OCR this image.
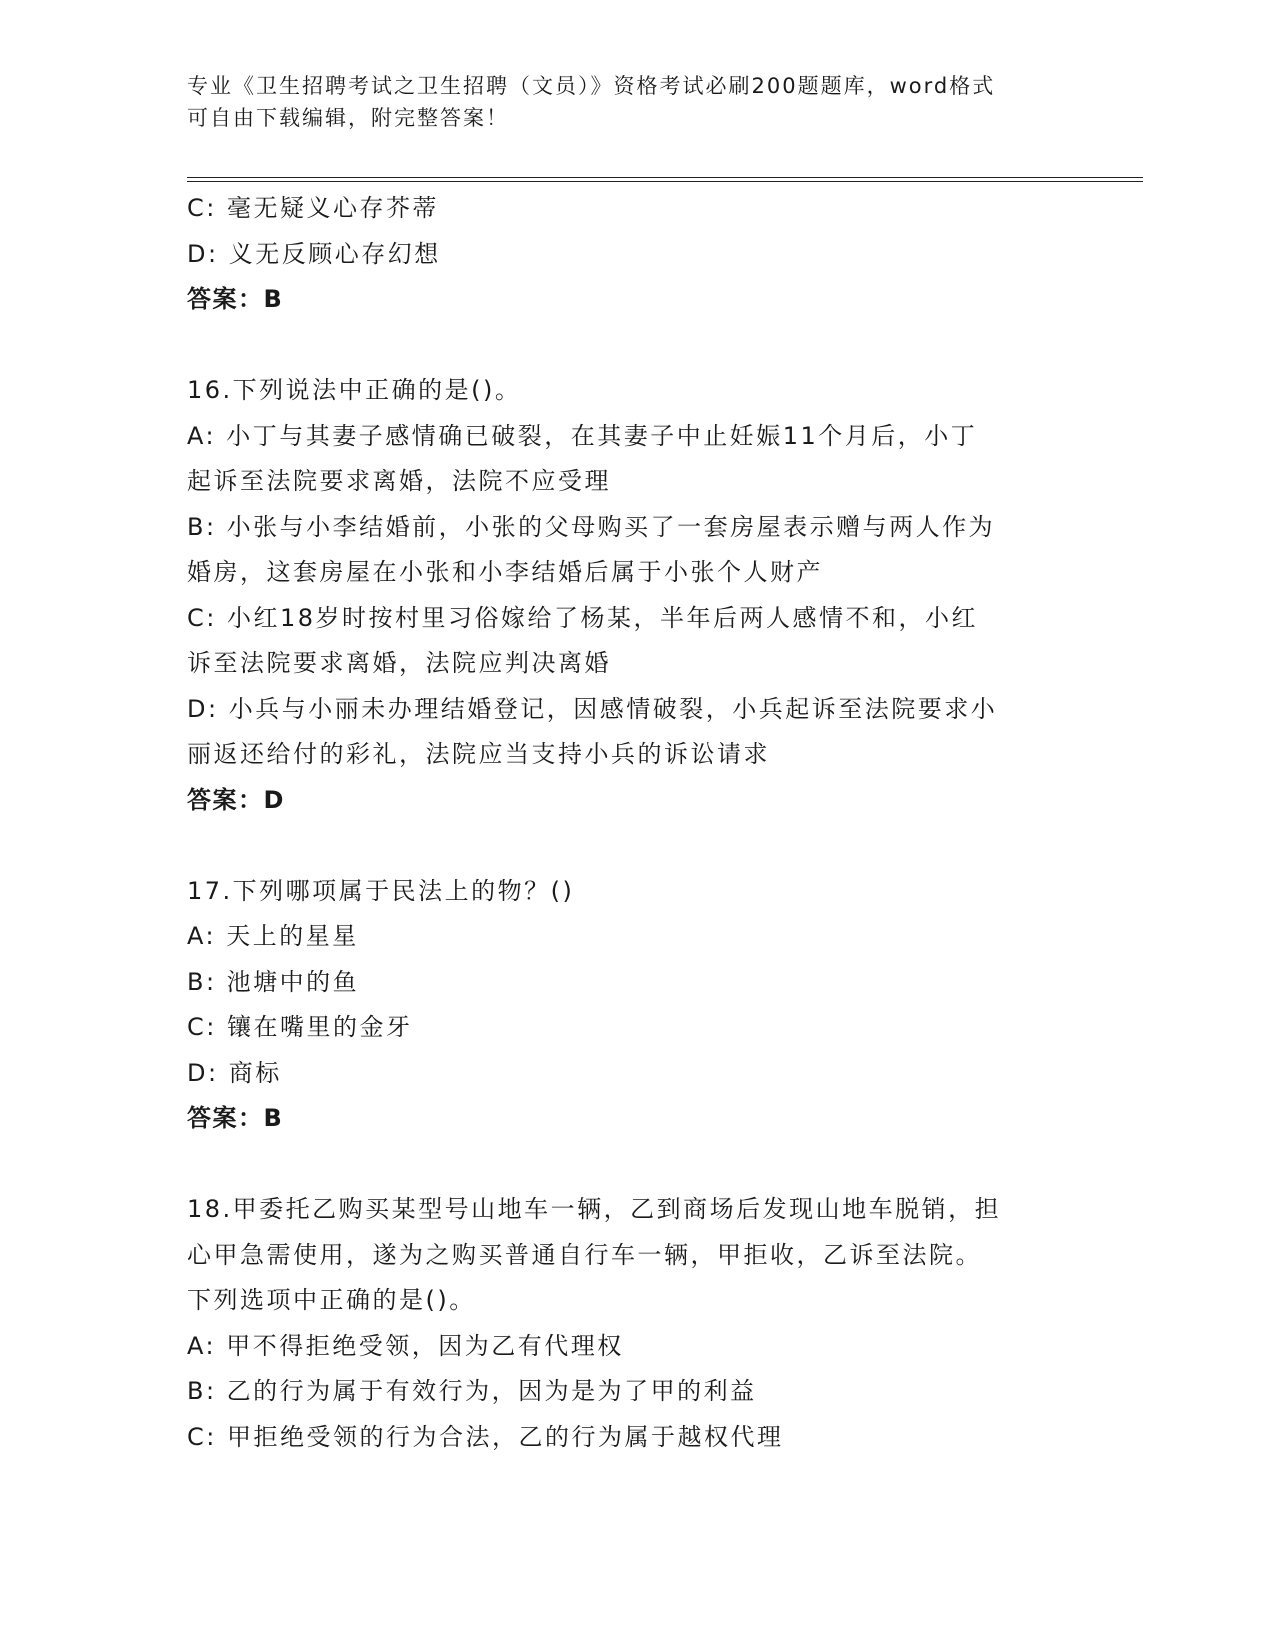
专业《卫生招聘考试之卫生招聘（文员）》资格考试必刷200题题库，word格式
可自由下载编辑，附完整答案！
C: 毫无疑义心存芥蒂
D: 义无反顾心存幻想
答案：B
16.下列说法中正确的是()。
A: 小丁与其妻子感情确已破裂，在其妻子中止妊娠11个月后，小丁
起诉至法院要求离婚，法院不应受理
B: 小张与小李结婚前，小张的父母购买了一套房屋表示赠与两人作为
婚房，这套房屋在小张和小李结婚后属于小张个人财产
C: 小红18岁时按村里习俗嫁给了杨某，半年后两人感情不和，小红
诉至法院要求离婚，法院应判决离婚
D: 小兵与小丽未办理结婚登记，因感情破裂，小兵起诉至法院要求小
丽返还给付的彩礼，法院应当支持小兵的诉讼请求
答案：D
17.下列哪项属于民法上的物？()
A: 天上的星星
B: 池塘中的鱼
C: 镶在嘴里的金牙
D: 商标
答案：B
18.甲委托乙购买某型号山地车一辆，乙到商场后发现山地车脱销，担
心甲急需使用，遂为之购买普通自行车一辆，甲拒收，乙诉至法院。
下列选项中正确的是()。
A: 甲不得拒绝受领，因为乙有代理权
B: 乙的行为属于有效行为，因为是为了甲的利益
C: 甲拒绝受领的行为合法，乙的行为属于越权代理
